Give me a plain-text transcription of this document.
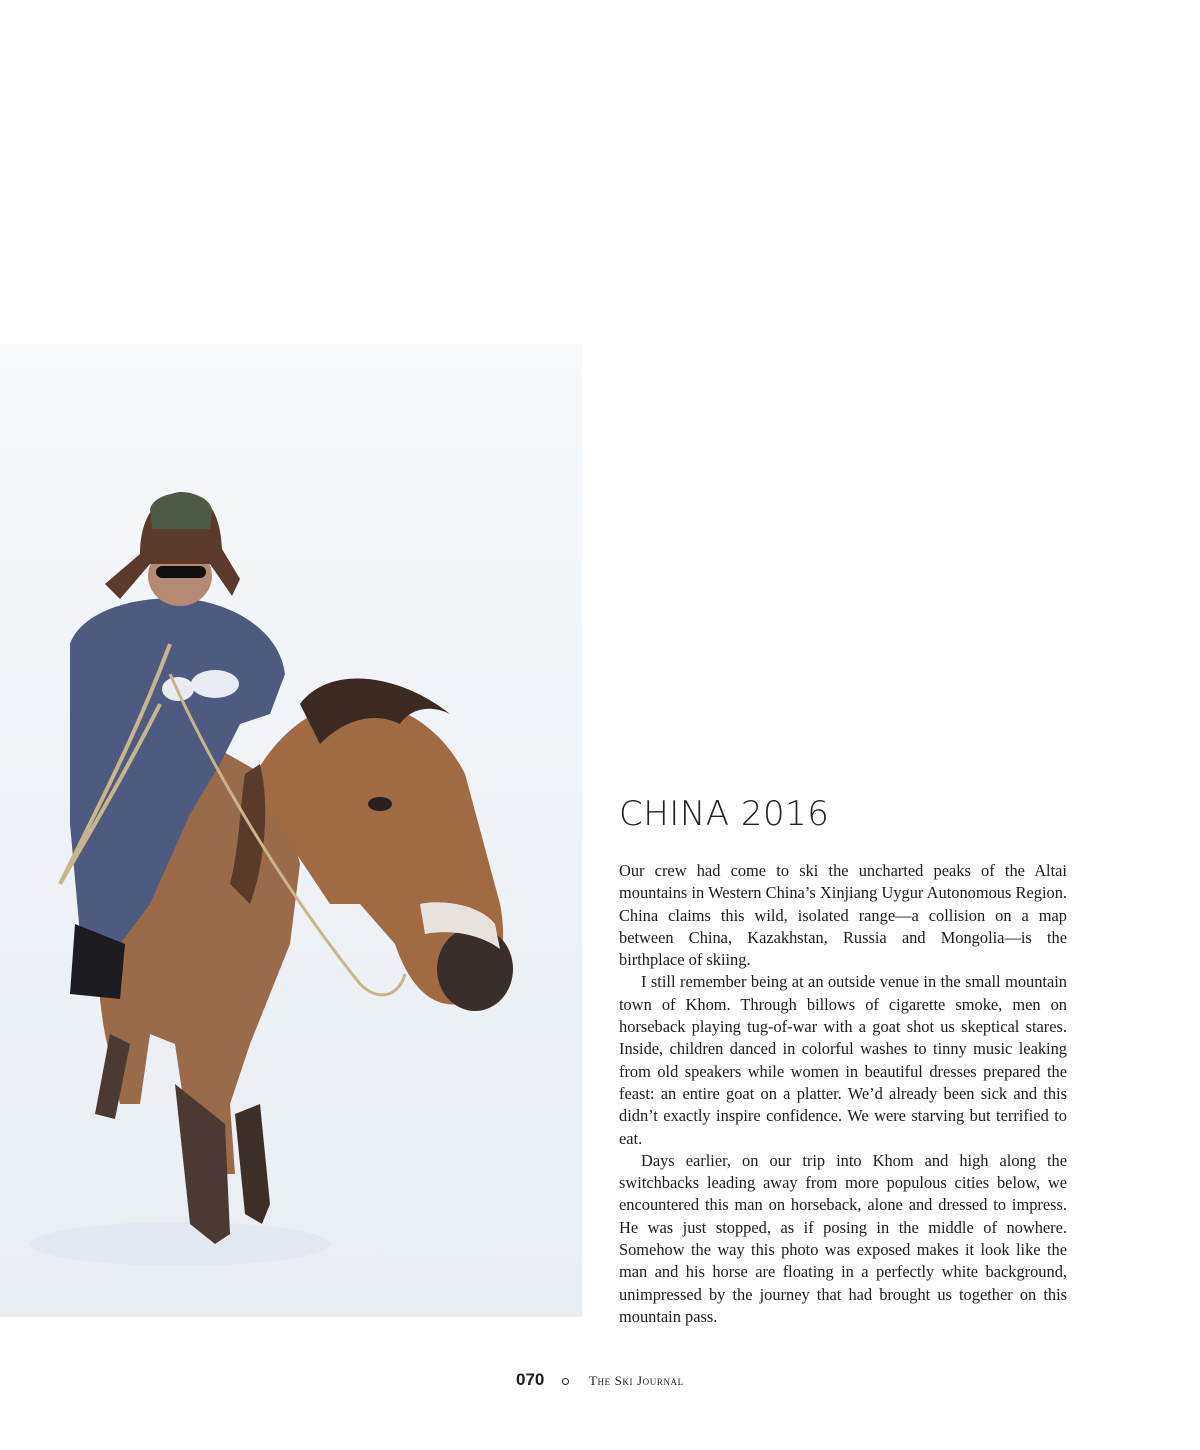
CHINA 2016

Our crew had come to ski the uncharted peaks of the Altai mountains in Western China’s Xinjiang Uygur Autonomous Region. China claims this wild, isolated range—a collision on a map between China, Kazakhstan, Russia and Mongolia—is the birthplace of skiing.

I still remember being at an outside venue in the small mountain town of Khom. Through billows of cigarette smoke, men on horseback playing tug-of-war with a goat shot us skeptical stares. Inside, children danced in colorful washes to tinny music leaking from old speakers while women in beautiful dresses prepared the feast: an entire goat on a platter. We’d already been sick and this didn’t exactly inspire confidence. We were starving but terrified to eat.

Days earlier, on our trip into Khom and high along the switchbacks leading away from more populous cities below, we encountered this man on horseback, alone and dressed to impress. He was just stopped, as if posing in the middle of nowhere. Somehow the way this photo was exposed makes it look like the man and his horse are floating in a perfectly white background, unimpressed by the journey that had brought us together on this mountain pass.

070	The Ski Journal
